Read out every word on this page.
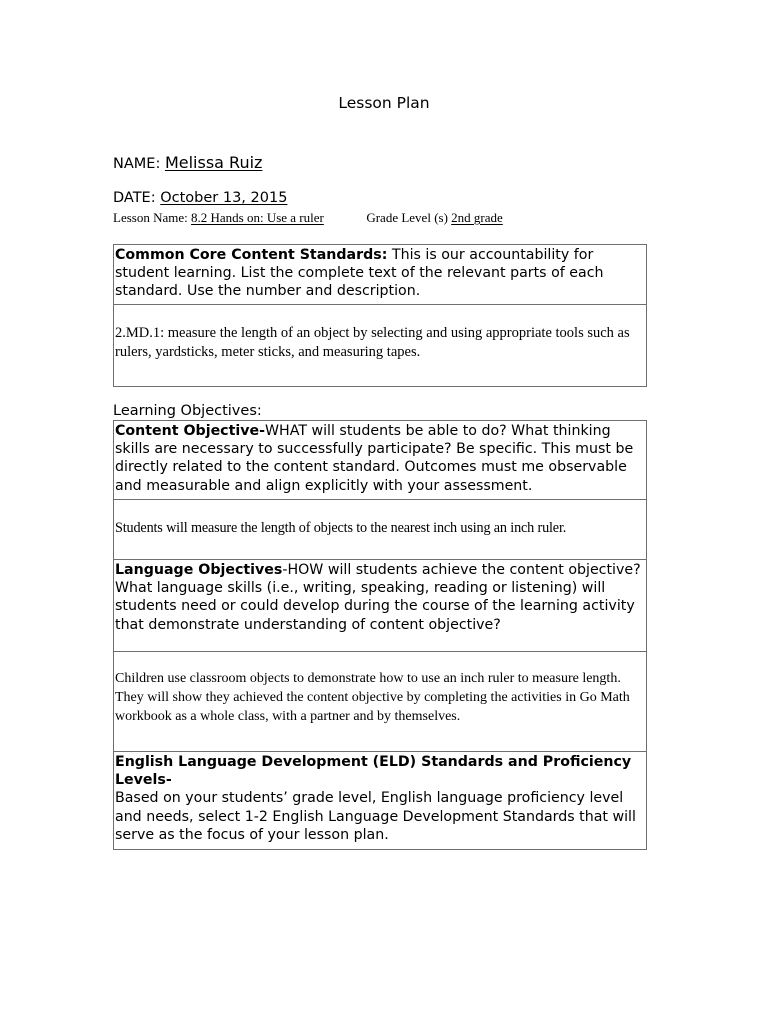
Lesson Plan
NAME: Melissa Ruiz
DATE: October 13, 2015
Lesson Name: 8.2 Hands on: Use a ruler	Grade Level (s) 2nd grade
Common Core Content Standards: This is our accountability for student learning. List the complete text of the relevant parts of each standard. Use the number and description.
2.MD.1: measure the length of an object by selecting and using appropriate tools such as rulers, yardsticks, meter sticks, and measuring tapes.
Learning Objectives:
Content Objective-WHAT will students be able to do? What thinking skills are necessary to successfully participate? Be specific. This must be directly related to the content standard. Outcomes must me observable and measurable and align explicitly with your assessment.
Students will measure the length of objects to the nearest inch using an inch ruler.
Language Objectives-HOW will students achieve the content objective? What language skills (i.e., writing, speaking, reading or listening) will students need or could develop during the course of the learning activity that demonstrate understanding of content objective?
Children use classroom objects to demonstrate how to use an inch ruler to measure length. They will show they achieved the content objective by completing the activities in Go Math workbook as a whole class, with a partner and by themselves.
English Language Development (ELD) Standards and Proficiency Levels-
Based on your students’ grade level, English language proficiency level and needs, select 1-2 English Language Development Standards that will serve as the focus of your lesson plan.
